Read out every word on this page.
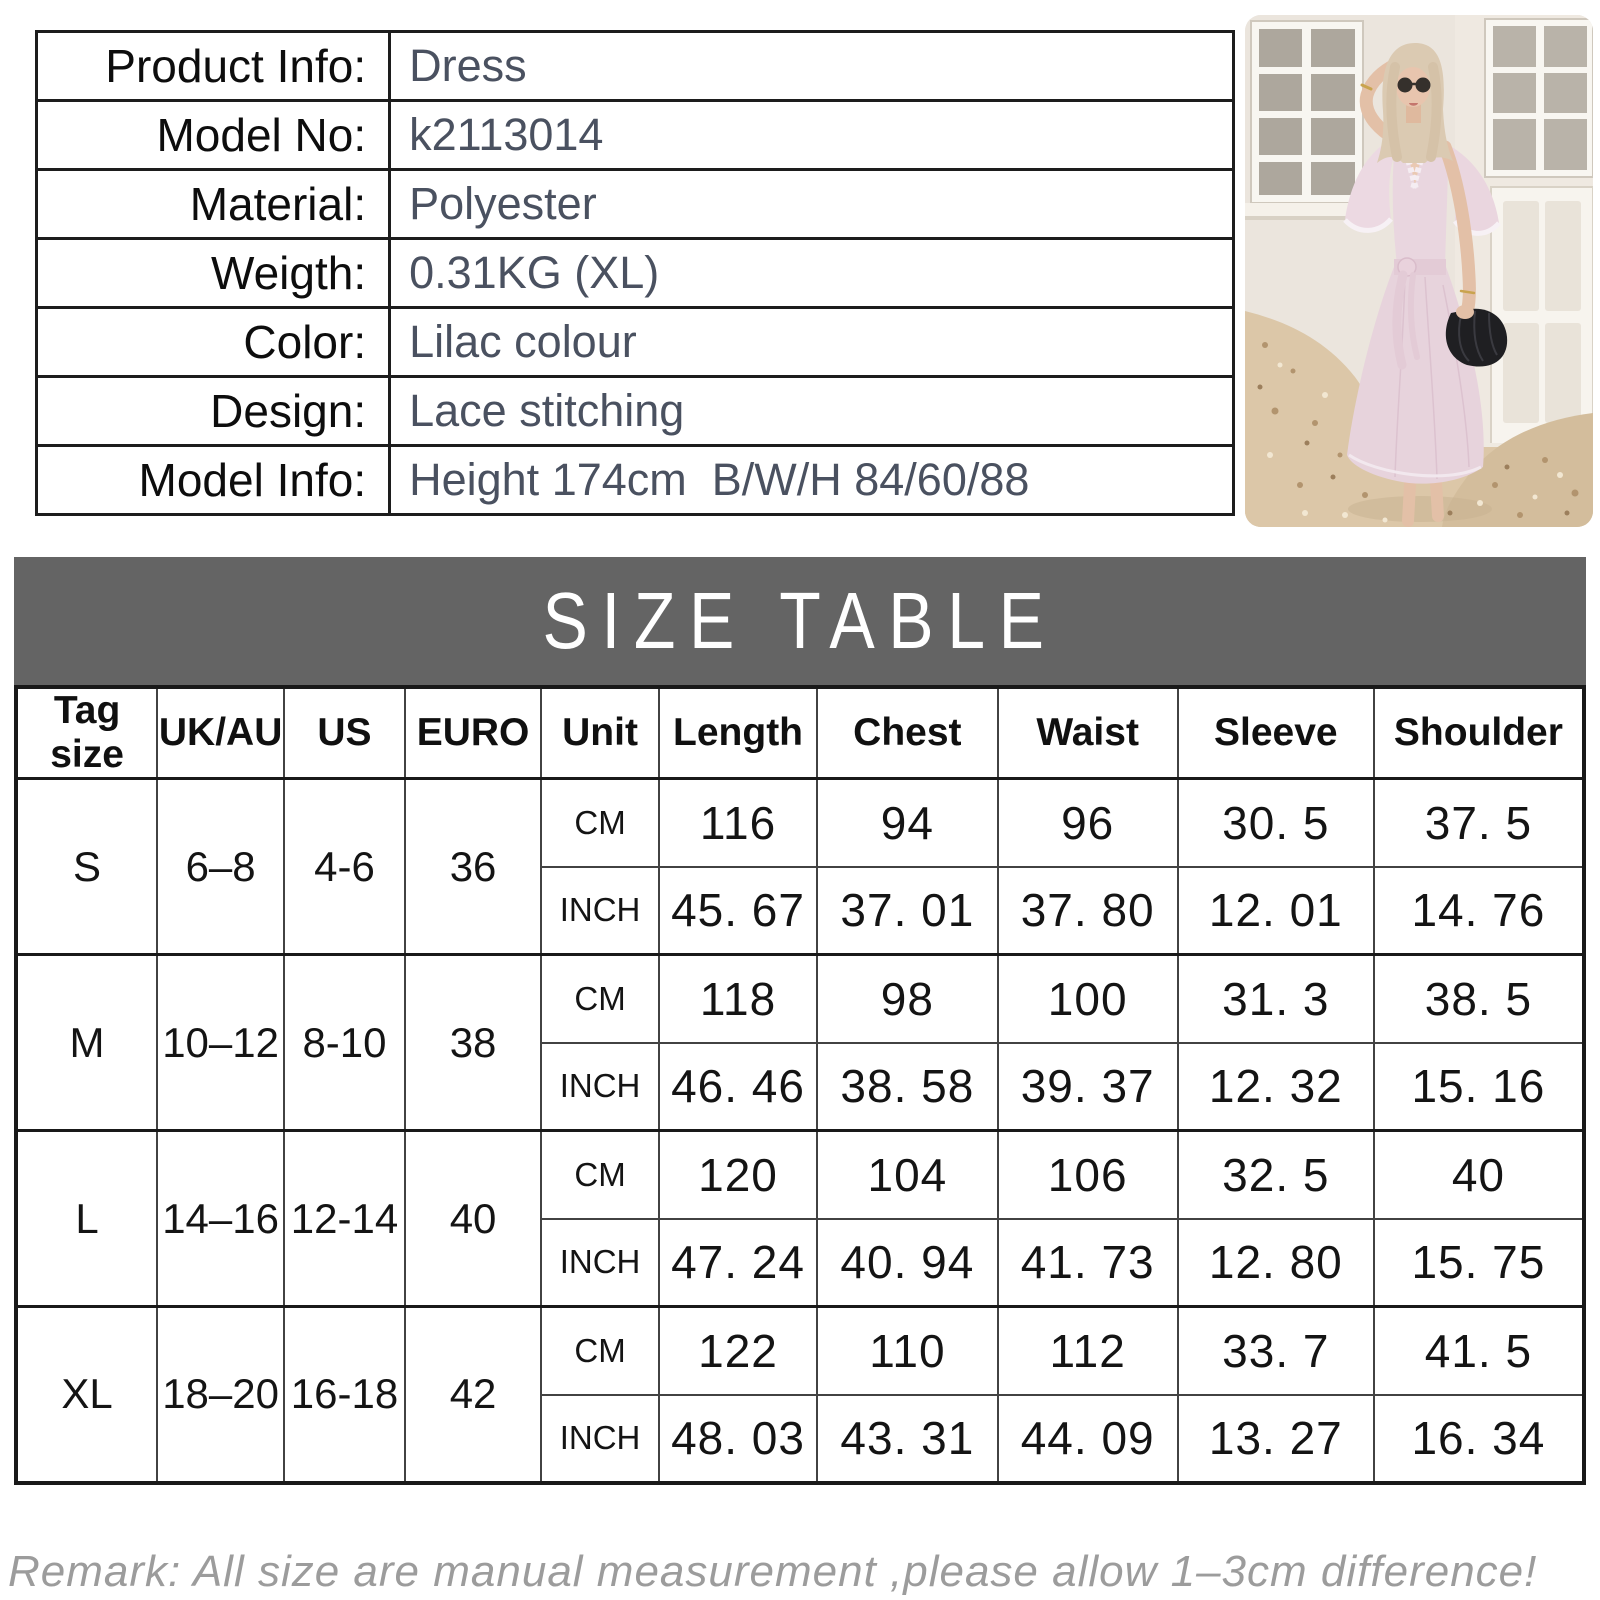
Product Info:	Dress
Model No:	k2113014
Material:	Polyester
Weigth:	0.31KG (XL)
Color:	Lilac colour
Design:	Lace stitching
Model Info:	Height 174cm  B/W/H 84/60/88
SIZE TABLE
Tag size	UK/AU	US	EURO	Unit	Length	Chest	Waist	Sleeve	Shoulder
S	6–8	4-6	36	CM	116	94	96	30. 5	37. 5
				INCH	45. 67	37. 01	37. 80	12. 01	14. 76
M	10–12	8-10	38	CM	118	98	100	31. 3	38. 5
				INCH	46. 46	38. 58	39. 37	12. 32	15. 16
L	14–16	12-14	40	CM	120	104	106	32. 5	40
				INCH	47. 24	40. 94	41. 73	12. 80	15. 75
XL	18–20	16-18	42	CM	122	110	112	33. 7	41. 5
				INCH	48. 03	43. 31	44. 09	13. 27	16. 34
Remark: All size are manual measurement ,please allow 1–3cm difference!
